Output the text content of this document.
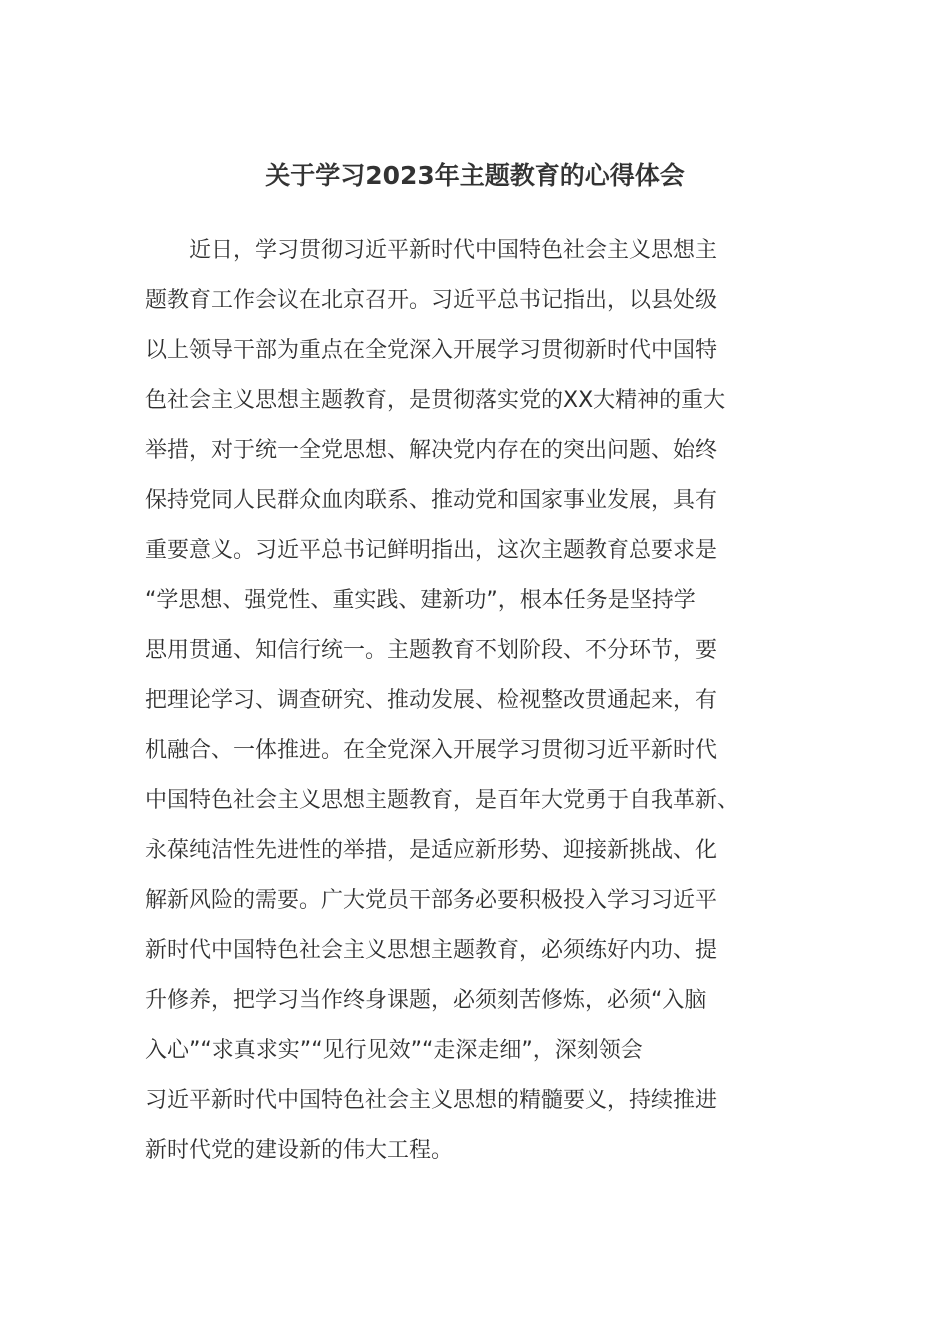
关于学习2023年主题教育的心得体会
　　近日，学习贯彻习近平新时代中国特色社会主义思想主
题教育工作会议在北京召开。习近平总书记指出，以县处级
以上领导干部为重点在全党深入开展学习贯彻新时代中国特
色社会主义思想主题教育，是贯彻落实党的XX大精神的重大
举措，对于统一全党思想、解决党内存在的突出问题、始终
保持党同人民群众血肉联系、推动党和国家事业发展，具有
重要意义。习近平总书记鲜明指出，这次主题教育总要求是
“学思想、强党性、重实践、建新功”，根本任务是坚持学
思用贯通、知信行统一。主题教育不划阶段、不分环节，要
把理论学习、调查研究、推动发展、检视整改贯通起来，有
机融合、一体推进。在全党深入开展学习贯彻习近平新时代
中国特色社会主义思想主题教育，是百年大党勇于自我革新、
永葆纯洁性先进性的举措，是适应新形势、迎接新挑战、化
解新风险的需要。广大党员干部务必要积极投入学习习近平
新时代中国特色社会主义思想主题教育，必须练好内功、提
升修养，把学习当作终身课题，必须刻苦修炼，必须“入脑
入心”“求真求实”“见行见效”“走深走细”，深刻领会
习近平新时代中国特色社会主义思想的精髓要义，持续推进
新时代党的建设新的伟大工程。
